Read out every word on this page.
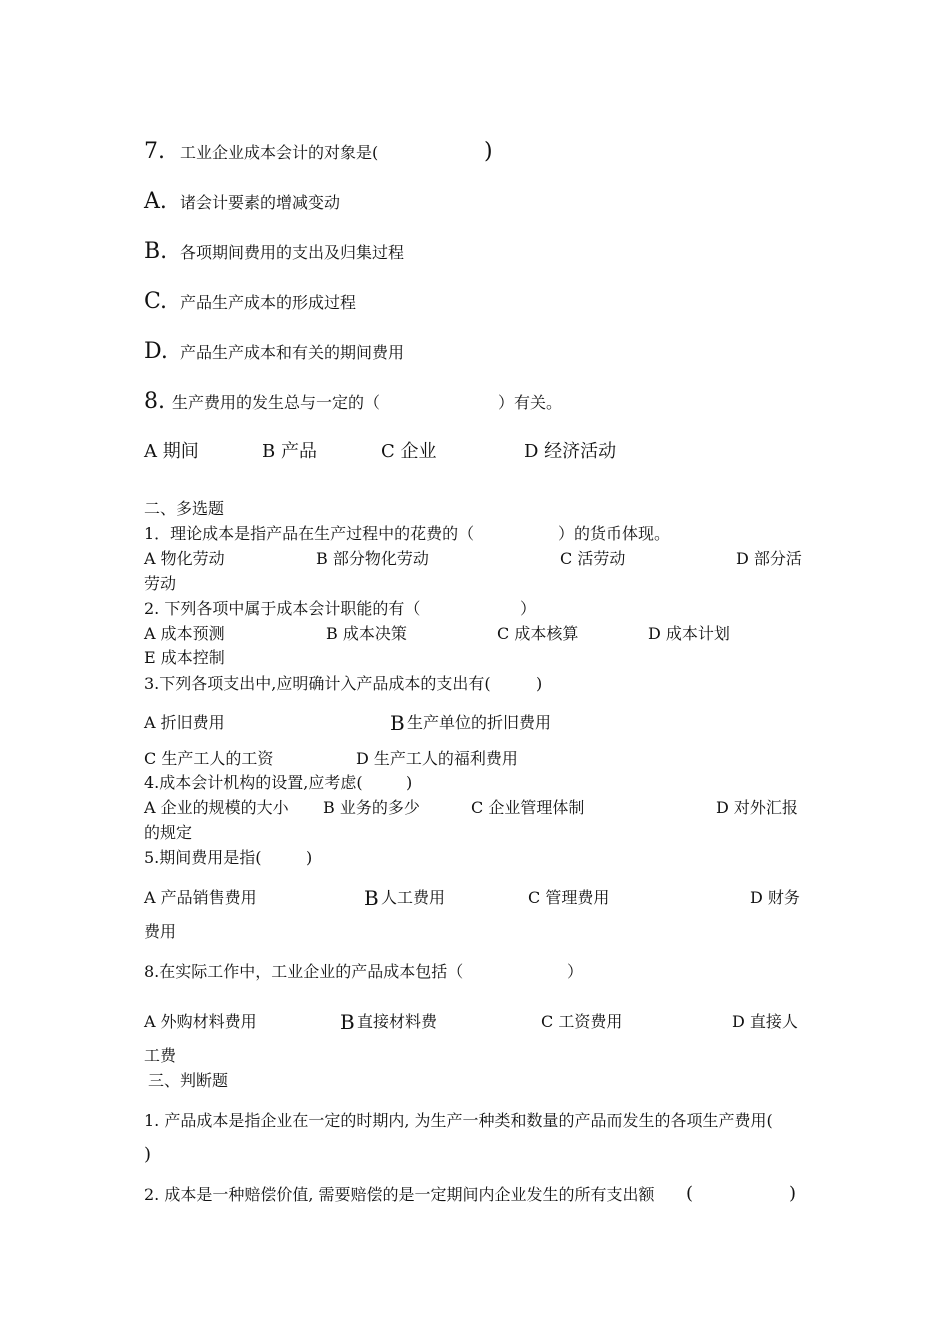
7. 工业企业成本会计的对象是(	)
A. 诸会计要素的增减变动
B. 各项期间费用的支出及归集过程
C. 产品生产成本的形成过程
D. 产品生产成本和有关的期间费用
8. 生产费用的发生总与一定的（	）有关。
A 期间	B 产品	C 企业	D 经济活动
二、多选题
1．理论成本是指产品在生产过程中的花费的（	）的货币体现。
A 物化劳动	B 部分物化劳动	C 活劳动	D 部分活
劳动
2. 下列各项中属于成本会计职能的有（	）
A 成本预测	B 成本决策	C 成本核算	D 成本计划
E 成本控制
3.下列各项支出中,应明确计入产品成本的支出有(	)
A 折旧费用	B 生产单位的折旧费用
C 生产工人的工资	D 生产工人的福利费用
4.成本会计机构的设置,应考虑(	)
A 企业的规模的大小 B 业务的多少	C 企业管理体制	D 对外汇报
的规定
5.期间费用是指(	)
A 产品销售费用	B 人工费用	C 管理费用	D 财务
费用
8.在实际工作中，工业企业的产品成本包括（	）
A 外购材料费用	B 直接材料费	C 工资费用	D 直接人
工费
三、判断题
1. 产品成本是指企业在一定的时期内, 为生产一种类和数量的产品而发生的各项生产费用(
)
2. 成本是一种赔偿价值, 需要赔偿的是一定期间内企业发生的所有支出额 (	)
